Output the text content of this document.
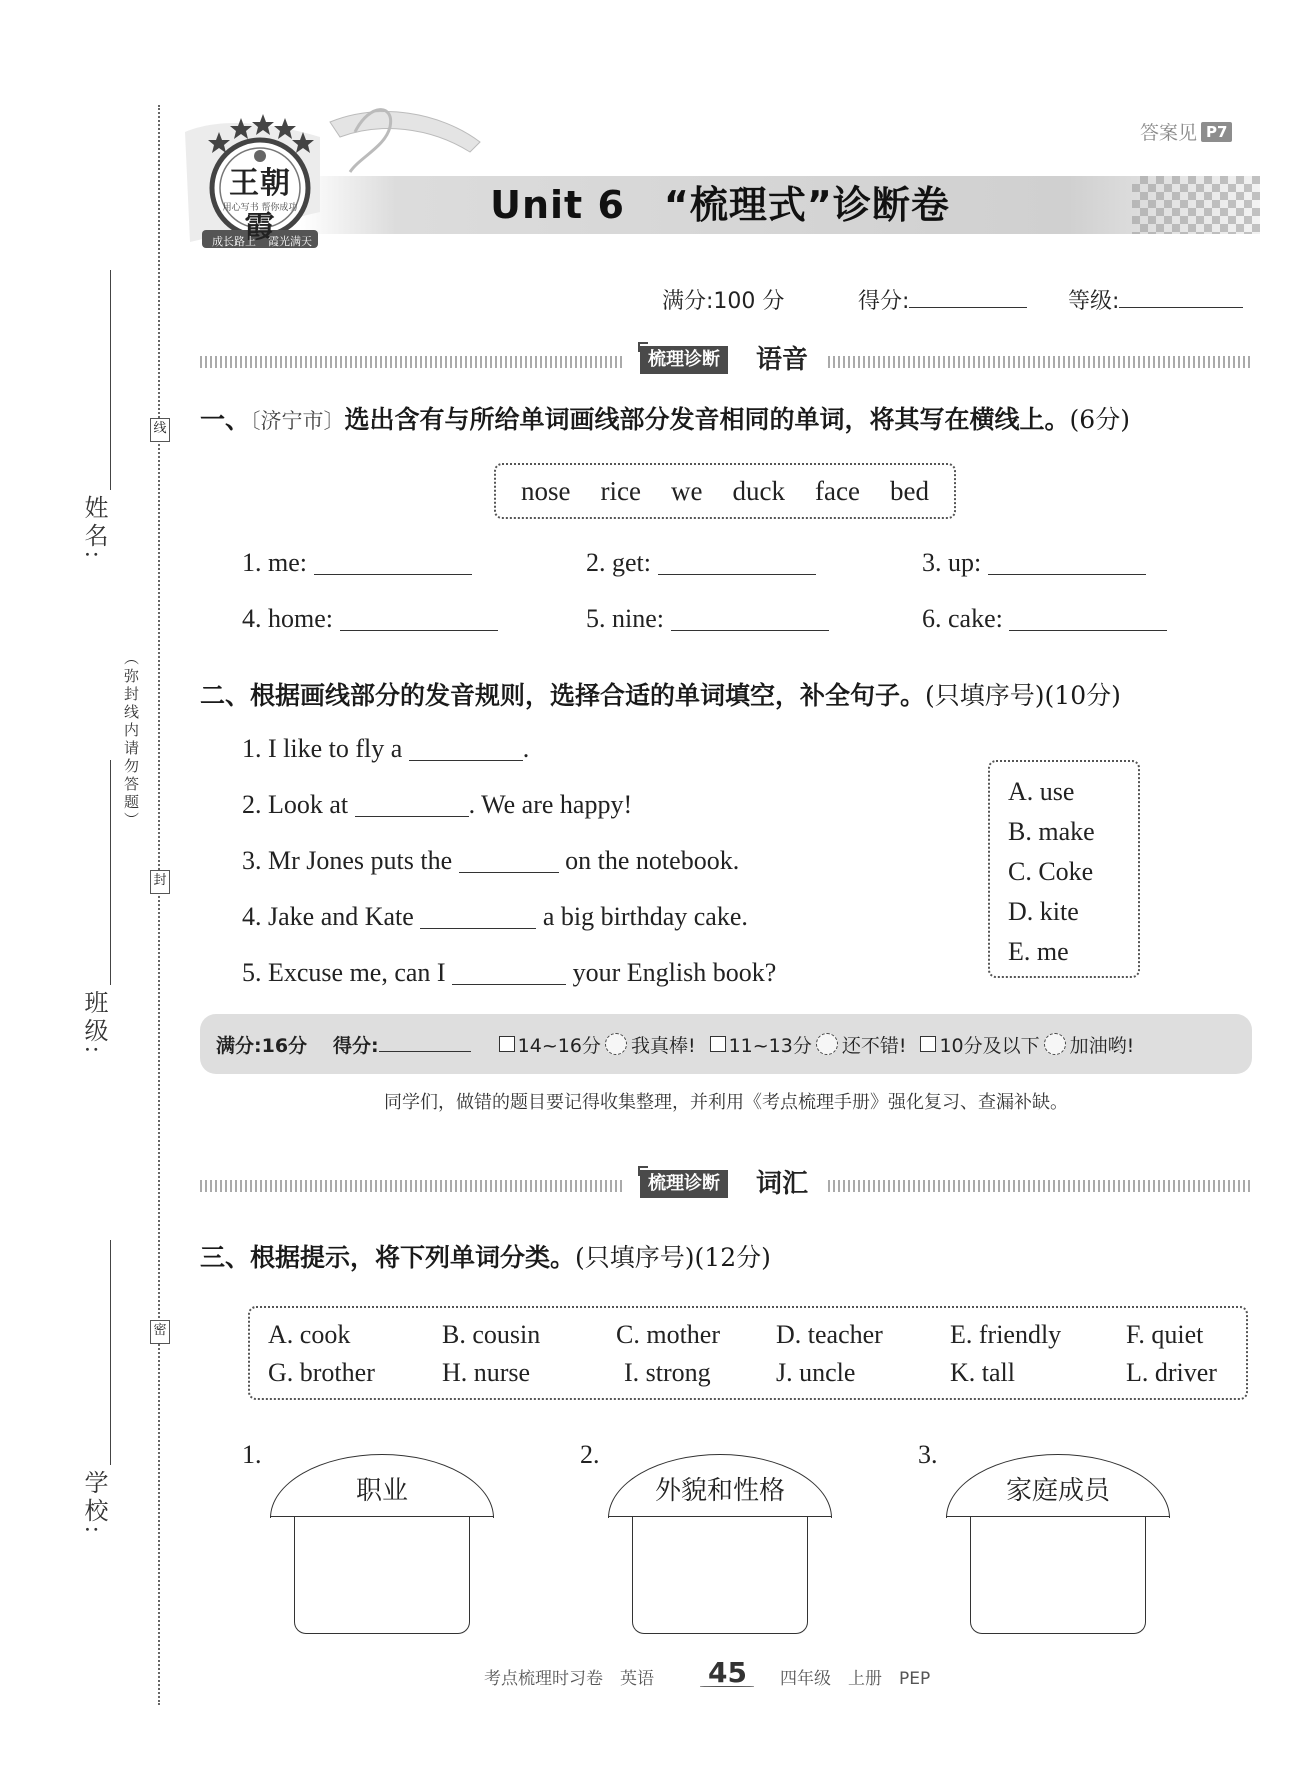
姓名:
班级:
学校:
线
封
密
（弥封线内请勿答题）
王朝霞
用心写书 帮你成功
成长路上	霞光满天
答案见 P7
Unit 6　“梳理式”诊断卷
满分:100 分	得分:	等级:
梳理诊断	语音
一、〔济宁市〕选出含有与所给单词画线部分发音相同的单词，将其写在横线上。(6分)
nose rice we duck face bed
1. me:	2. get:	3. up:
4. home:	5. nine:	6. cake:
二、根据画线部分的发音规则，选择合适的单词填空，补全句子。(只填序号)(10分)
1. I like to fly a	.
2. Look at	. We are happy!
3. Mr Jones puts the	on the notebook.
4. Jake and Kate	a big birthday cake.
5. Excuse me, can I	your English book?
A. use
B. make
C. Coke
D. kite
E. me
满分:16分 得分:	14~16分 我真棒! 11~13分 还不错! 10分及以下 加油哟!
同学们，做错的题目要记得收集整理，并利用《考点梳理手册》强化复习、查漏补缺。
梳理诊断	词汇
三、根据提示，将下列单词分类。(只填序号)(12分)
A. cook	B. cousin	C. mother D. teacher	E. friendly F. quiet
G. brother	H. nurse	I. strong	J. uncle	K. tall	L. driver
1.
职业
2.
外貌和性格
3.
家庭成员
考点梳理时习卷　英语 45 四年级　上册　PEP
